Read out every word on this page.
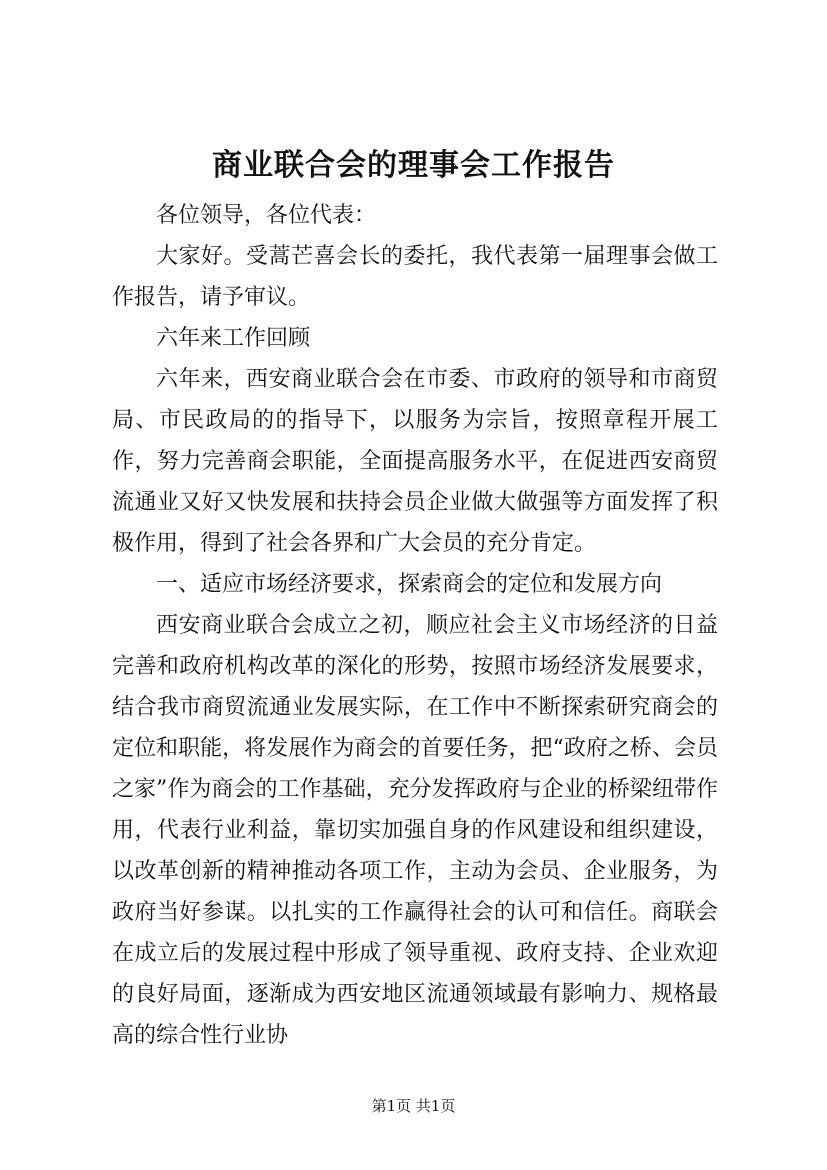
商业联合会的理事会工作报告

各位领导，各位代表：

大家好。受蒿芒喜会长的委托，我代表第一届理事会做工作报告，请予审议。

六年来工作回顾

六年来，西安商业联合会在市委、市政府的领导和市商贸局、市民政局的的指导下，以服务为宗旨，按照章程开展工作，努力完善商会职能，全面提高服务水平，在促进西安商贸流通业又好又快发展和扶持会员企业做大做强等方面发挥了积极作用，得到了社会各界和广大会员的充分肯定。

一、适应市场经济要求，探索商会的定位和发展方向

西安商业联合会成立之初，顺应社会主义市场经济的日益完善和政府机构改革的深化的形势，按照市场经济发展要求，结合我市商贸流通业发展实际，在工作中不断探索研究商会的定位和职能，将发展作为商会的首要任务，把“政府之桥、会员之家”作为商会的工作基础，充分发挥政府与企业的桥梁纽带作用，代表行业利益，靠切实加强自身的作风建设和组织建设，以改革创新的精神推动各项工作，主动为会员、企业服务，为政府当好参谋。以扎实的工作赢得社会的认可和信任。商联会在成立后的发展过程中形成了领导重视、政府支持、企业欢迎的良好局面，逐渐成为西安地区流通领域最有影响力、规格最高的综合性行业协

第1页 共1页
